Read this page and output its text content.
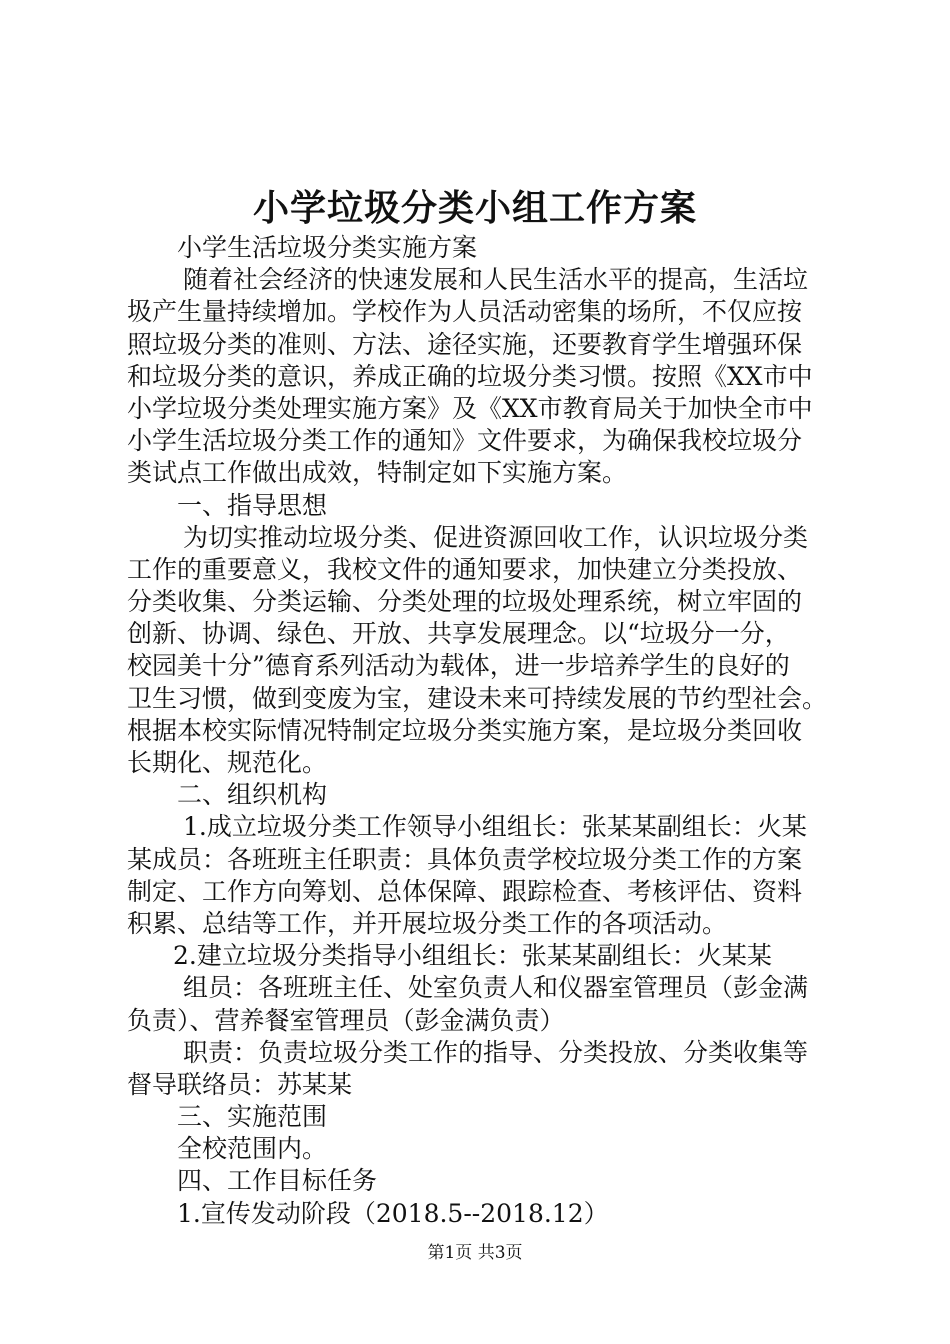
小学垃圾分类小组工作方案
小学生活垃圾分类实施方案
随着社会经济的快速发展和人民生活水平的提高，生活垃
圾产生量持续增加。学校作为人员活动密集的场所，不仅应按
照垃圾分类的准则、方法、途径实施，还要教育学生增强环保
和垃圾分类的意识，养成正确的垃圾分类习惯。按照《XX市中
小学垃圾分类处理实施方案》及《XX市教育局关于加快全市中
小学生活垃圾分类工作的通知》文件要求，为确保我校垃圾分
类试点工作做出成效，特制定如下实施方案。
一、指导思想
为切实推动垃圾分类、促进资源回收工作，认识垃圾分类
工作的重要意义，我校文件的通知要求，加快建立分类投放、
分类收集、分类运输、分类处理的垃圾处理系统，树立牢固的
创新、协调、绿色、开放、共享发展理念。以“垃圾分一分，
校园美十分”德育系列活动为载体，进一步培养学生的良好的
卫生习惯，做到变废为宝，建设未来可持续发展的节约型社会。
根据本校实际情况特制定垃圾分类实施方案，是垃圾分类回收
长期化、规范化。
二、组织机构
1.成立垃圾分类工作领导小组组长：张某某副组长：火某
某成员：各班班主任职责：具体负责学校垃圾分类工作的方案
制定、工作方向筹划、总体保障、跟踪检查、考核评估、资料
积累、总结等工作，并开展垃圾分类工作的各项活动。
2.建立垃圾分类指导小组组长：张某某副组长：火某某
组员：各班班主任、处室负责人和仪器室管理员（彭金满
负责）、营养餐室管理员（彭金满负责）
职责：负责垃圾分类工作的指导、分类投放、分类收集等
督导联络员：苏某某
三、实施范围
全校范围内。
四、工作目标任务
1.宣传发动阶段（2018.5--2018.12）
第1页 共3页
